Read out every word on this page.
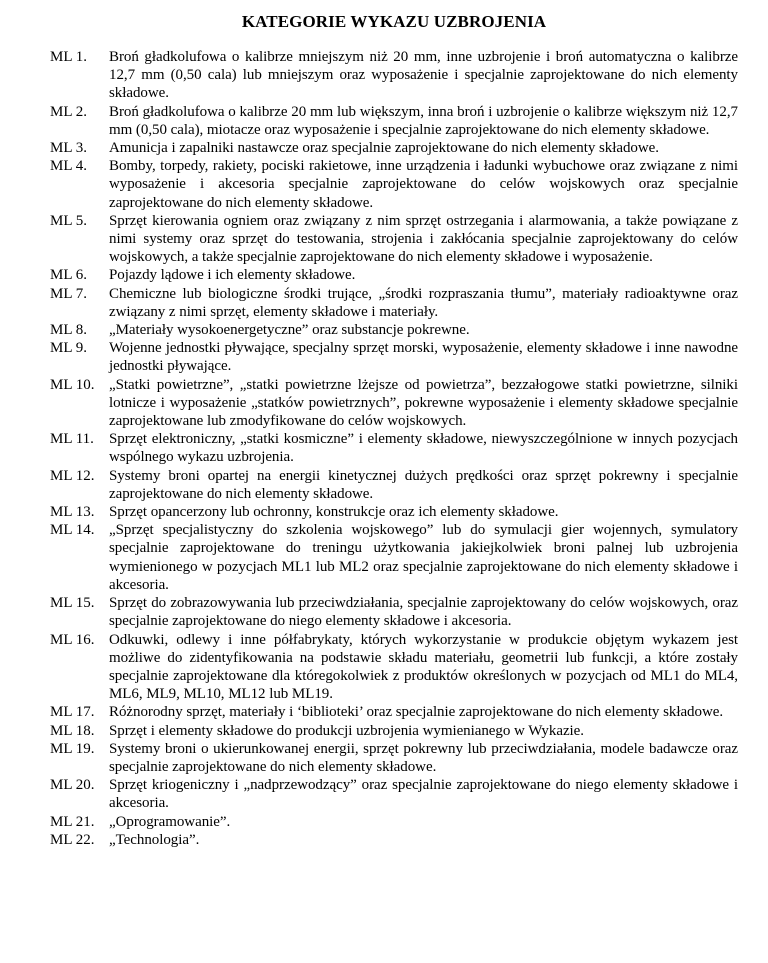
KATEGORIE WYKAZU UZBROJENIA
ML 1.	Broń gładkolufowa o kalibrze mniejszym niż 20 mm, inne uzbrojenie i broń automatyczna o kalibrze 12,7 mm (0,50 cala) lub mniejszym oraz wyposażenie i specjalnie zaprojektowane do nich elementy składowe.
ML 2.	Broń gładkolufowa o kalibrze 20 mm lub większym, inna broń i uzbrojenie o kalibrze większym niż 12,7 mm (0,50 cala), miotacze oraz wyposażenie i specjalnie zaprojektowane do nich elementy składowe.
ML 3.	Amunicja i zapalniki nastawcze oraz specjalnie zaprojektowane do nich elementy składowe.
ML 4.	Bomby, torpedy, rakiety, pociski rakietowe, inne urządzenia i ładunki wybuchowe oraz związane z nimi wyposażenie i akcesoria specjalnie zaprojektowane do celów wojskowych oraz specjalnie zaprojektowane do nich elementy składowe.
ML 5.	Sprzęt kierowania ogniem oraz związany z nim sprzęt ostrzegania i alarmowania, a także powiązane z nimi systemy oraz sprzęt do testowania, strojenia i zakłócania specjalnie zaprojektowany do celów wojskowych, a także specjalnie zaprojektowane do nich elementy składowe i wyposażenie.
ML 6.	Pojazdy lądowe i ich elementy składowe.
ML 7.	Chemiczne lub biologiczne środki trujące, „środki rozpraszania tłumu”, materiały radioaktywne oraz związany z nimi sprzęt, elementy składowe i materiały.
ML 8.	„Materiały wysokoenergetyczne” oraz substancje pokrewne.
ML 9.	Wojenne jednostki pływające, specjalny sprzęt morski, wyposażenie, elementy składowe i inne nawodne jednostki pływające.
ML 10. „Statki powietrzne”, „statki powietrzne lżejsze od powietrza”, bezzałogowe statki powietrzne, silniki lotnicze i wyposażenie „statków powietrznych”, pokrewne wyposażenie i elementy składowe specjalnie zaprojektowane lub zmodyfikowane do celów wojskowych.
ML 11.	Sprzęt elektroniczny, „statki kosmiczne” i elementy składowe, niewyszczególnione w innych pozycjach wspólnego wykazu uzbrojenia.
ML 12. Systemy broni opartej na energii kinetycznej dużych prędkości oraz sprzęt pokrewny i specjalnie zaprojektowane do nich elementy składowe.
ML 13. Sprzęt opancerzony lub ochronny, konstrukcje oraz ich elementy składowe.
ML 14. „Sprzęt specjalistyczny do szkolenia wojskowego” lub do symulacji gier wojennych, symulatory specjalnie zaprojektowane do treningu użytkowania jakiejkolwiek broni palnej lub uzbrojenia wymienionego w pozycjach ML1 lub ML2 oraz specjalnie zaprojektowane do nich elementy składowe i akcesoria.
ML 15. Sprzęt do zobrazowywania lub przeciwdziałania, specjalnie zaprojektowany do celów wojskowych, oraz specjalnie zaprojektowane do niego elementy składowe i akcesoria.
ML 16. Odkuwki, odlewy i inne półfabrykaty, których wykorzystanie w produkcie objętym wykazem jest możliwe do zidentyfikowania na podstawie składu materiału, geometrii lub funkcji, a które zostały specjalnie zaprojektowane dla któregokolwiek z produktów określonych w pozycjach od ML1 do ML4, ML6, ML9, ML10, ML12 lub ML19.
ML 17. Różnorodny sprzęt, materiały i ‘biblioteki’ oraz specjalnie zaprojektowane do nich elementy składowe.
ML 18. Sprzęt i elementy składowe do produkcji uzbrojenia wymienianego w Wykazie.
ML 19. Systemy broni o ukierunkowanej energii, sprzęt pokrewny lub przeciwdziałania, modele badawcze oraz specjalnie zaprojektowane do nich elementy składowe.
ML 20. Sprzęt kriogeniczny i „nadprzewodzący” oraz specjalnie zaprojektowane do niego elementy składowe i akcesoria.
ML 21. „Oprogramowanie”.
ML 22. „Technologia”.
